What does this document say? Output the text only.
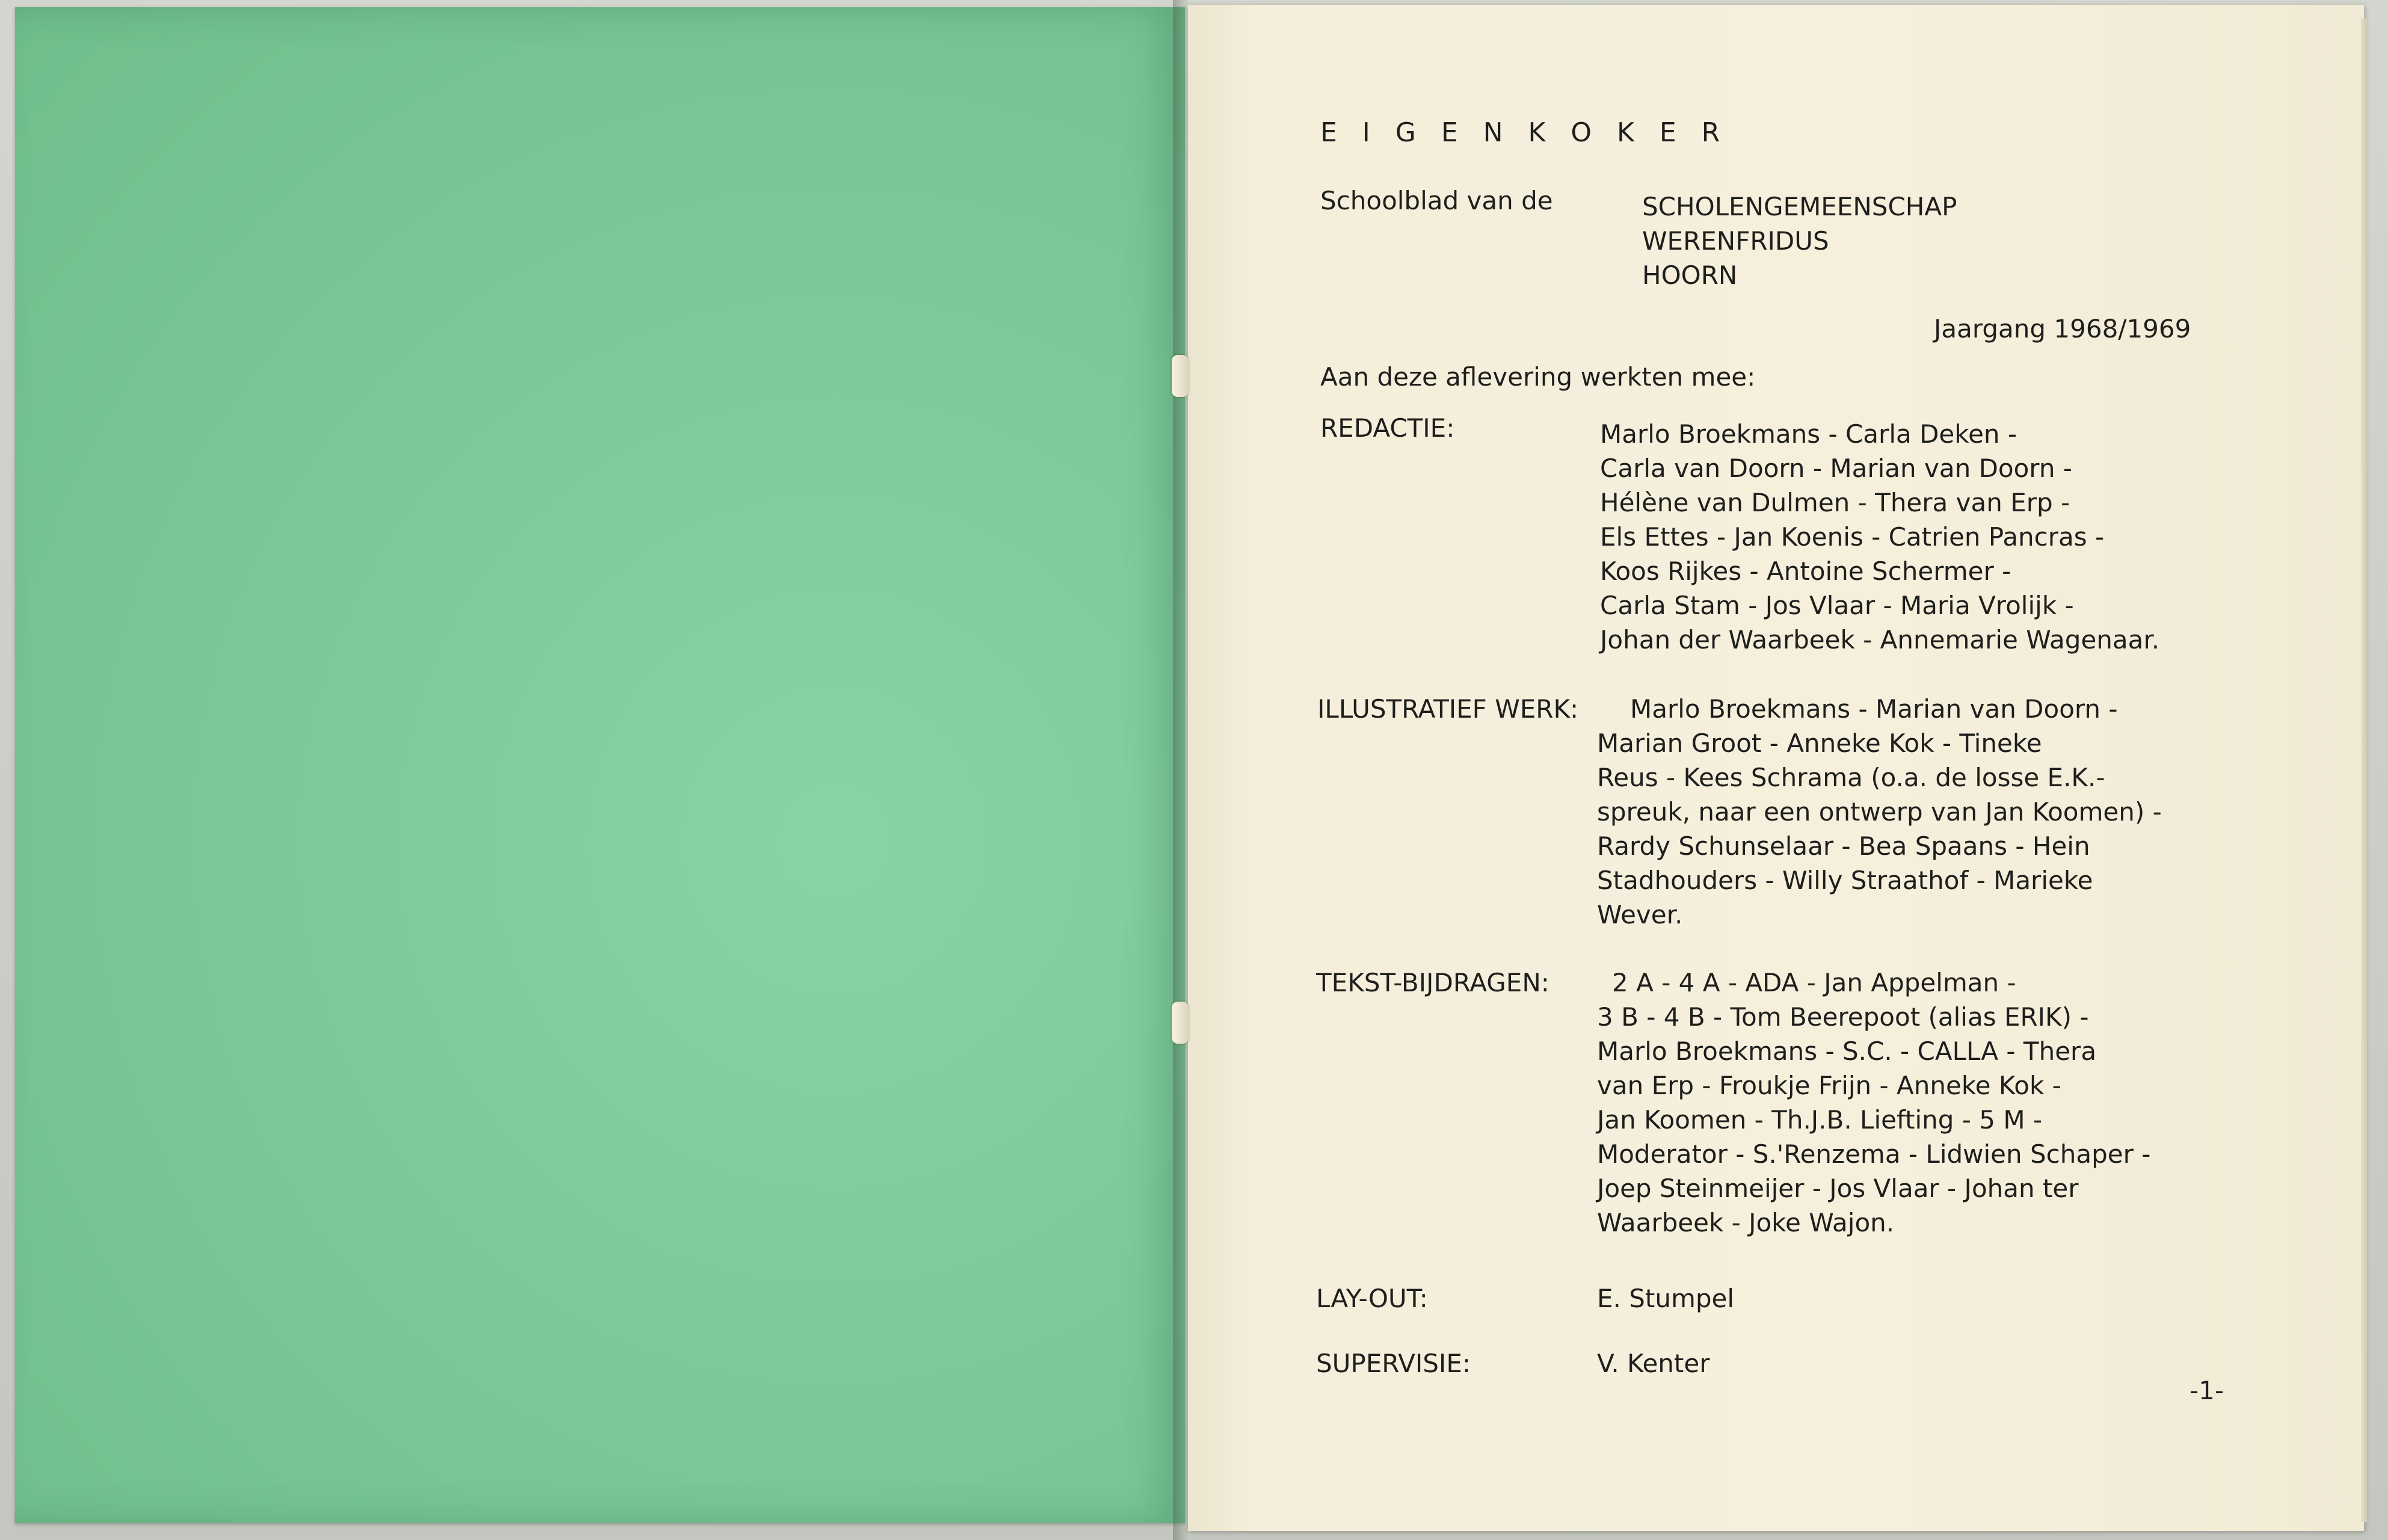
E I G E N K O K E R
Schoolblad van de	SCHOLENGEMEENSCHAP
WERENFRIDUS
HOORN
Jaargang 1968/1969
Aan deze aflevering werkten mee:
REDACTIE:	Marlo Broekmans - Carla Deken -
Carla van Doorn - Marian van Doorn -
Hélène van Dulmen - Thera van Erp -
Els Ettes - Jan Koenis - Catrien Pancras -
Koos Rijkes - Antoine Schermer -
Carla Stam - Jos Vlaar - Maria Vrolijk -
Johan der Waarbeek - Annemarie Wagenaar.
ILLUSTRATIEF WERK: Marlo Broekmans - Marian van Doorn -
Marian Groot - Anneke Kok - Tineke
Reus - Kees Schrama (o.a. de losse E.K.-
spreuk, naar een ontwerp van Jan Koomen) -
Rardy Schunselaar - Bea Spaans - Hein
Stadhouders - Willy Straathof - Marieke
Wever.
TEKST-BIJDRAGEN: 2 A - 4 A - ADA - Jan Appelman -
3 B - 4 B - Tom Beerepoot (alias ERIK) -
Marlo Broekmans - S.C. - CALLA - Thera
van Erp - Froukje Frijn - Anneke Kok -
Jan Koomen - Th.J.B. Liefting - 5 M -
Moderator - S.'Renzema - Lidwien Schaper -
Joep Steinmeijer - Jos Vlaar - Johan ter
Waarbeek - Joke Wajon.
LAY-OUT:	E. Stumpel
SUPERVISIE:	V. Kenter
-1-
